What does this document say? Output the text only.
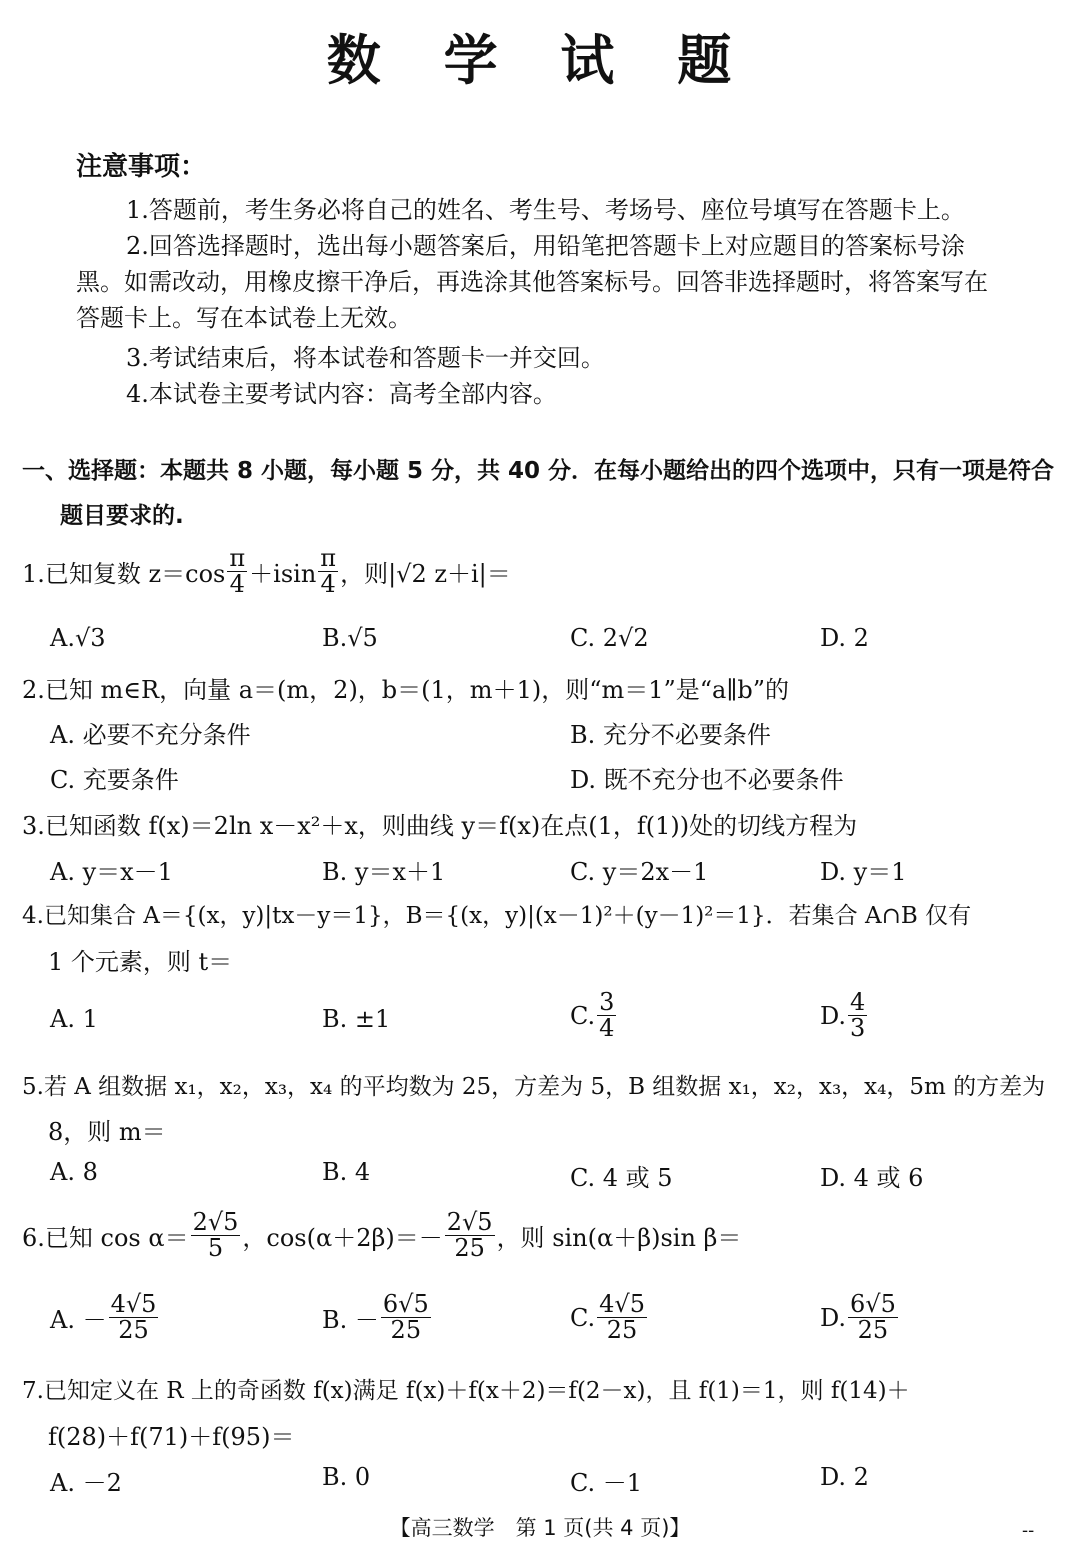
数 学 试 题
注意事项：
1.答题前，考生务必将自己的姓名、考生号、考场号、座位号填写在答题卡上。
2.回答选择题时，选出每小题答案后，用铅笔把答题卡上对应题目的答案标号涂
黑。如需改动，用橡皮擦干净后，再选涂其他答案标号。回答非选择题时，将答案写在
答题卡上。写在本试卷上无效。
3.考试结束后，将本试卷和答题卡一并交回。
4.本试卷主要考试内容：高考全部内容。
一、选择题：本题共 8 小题，每小题 5 分，共 40 分．在每小题给出的四个选项中，只有一项是符合
题目要求的.
1.已知复数 $z=\cos \frac{\pi}{4} +isin \frac{\pi}{4}$ ，则|√2 z＋i|＝
A.√3	B.√5	C. 2√2	D. 2
2.已知 m∈R，向量 a＝(m，2)，b＝(1，m＋1)，则“m＝1”是“a∥b”的
A. 必要不充分条件	B. 充分不必要条件
C. 充要条件	D. 既不充分也不必要条件
3.已知函数 f(x)＝2ln x－x²＋x，则曲线 y＝f(x)在点(1，f(1))处的切线方程为
A. y＝x－1	B. y＝x＋1	C. y＝2x－1	D. y＝1
4.已知集合 A＝{(x，y)|tx－y＝1}，B＝{(x，y)|(x－1)²＋(y－1)²＝1}．若集合 A∩B 仅有
1 个元素，则 t＝
A. 1	B. ±1	C. $\frac{3}{4}$	D. $\frac{4}{3}$
5.若 A 组数据 x₁，x₂，x₃，x₄ 的平均数为 25，方差为 5，B 组数据 x₁，x₂，x₃，x₄，5m 的方差为
8，则 m＝
A. 8	B. 4	C. 4 或 5	D. 4 或 6
6.已知 $\cos \alpha= \frac{2√5}{5}$ ，$\cos(\alpha+2\beta)=- \frac{2√5}{25}$ ，则 sin(α＋β)sin β＝
A. － $\frac{4√5}{25}$	B. － $\frac{6√5}{25}$	C. $\frac{4√5}{25}$	D. $\frac{6√5}{25}$
7.已知定义在 R 上的奇函数 f(x)满足 f(x)＋f(x＋2)＝f(2－x)，且 f(1)＝1，则 f(14)＋
f(28)＋f(71)＋f(95)＝
A. －2	B. 0	C. －1	D. 2
【高三数学　第 1 页(共 4 页)】	--
